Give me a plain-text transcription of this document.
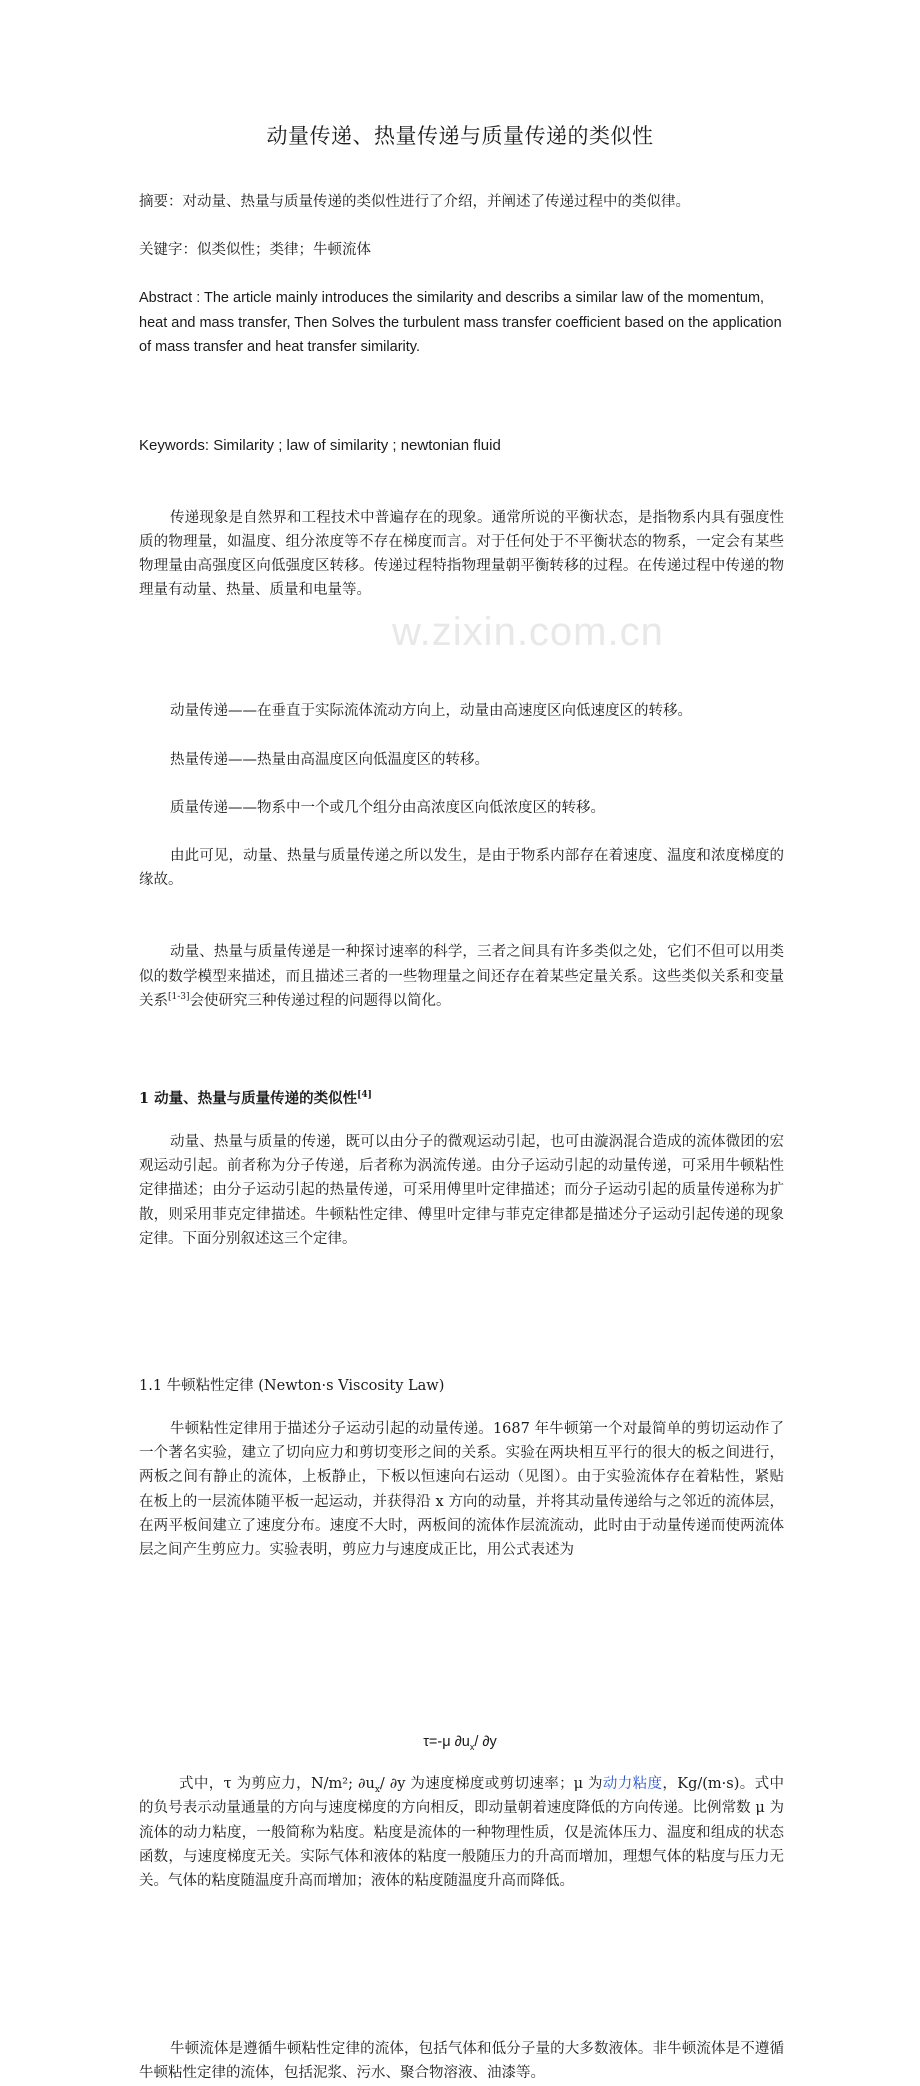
w.zixin.com.cn
动量传递、热量传递与质量传递的类似性
摘要：对动量、热量与质量传递的类似性进行了介绍，并阐述了传递过程中的类似律。
关键字：似类似性；类律；牛顿流体
Abstract : The article mainly introduces the similarity and describs a similar law of the momentum, heat and mass transfer, Then Solves the turbulent mass transfer coefficient based on the application of mass transfer and heat transfer similarity.
Keywords: Similarity ; law of similarity ; newtonian fluid
传递现象是自然界和工程技术中普遍存在的现象。通常所说的平衡状态，是指物系内具有强度性质的物理量，如温度、组分浓度等不存在梯度而言。对于任何处于不平衡状态的物系，一定会有某些物理量由高强度区向低强度区转移。传递过程特指物理量朝平衡转移的过程。在传递过程中传递的物理量有动量、热量、质量和电量等。
动量传递——在垂直于实际流体流动方向上，动量由高速度区向低速度区的转移。
热量传递——热量由高温度区向低温度区的转移。
质量传递——物系中一个或几个组分由高浓度区向低浓度区的转移。
由此可见，动量、热量与质量传递之所以发生，是由于物系内部存在着速度、温度和浓度梯度的缘故。
动量、热量与质量传递是一种探讨速率的科学，三者之间具有许多类似之处，它们不但可以用类似的数学模型来描述，而且描述三者的一些物理量之间还存在着某些定量关系。这些类似关系和变量关系[1-3]会使研究三种传递过程的问题得以简化。
1 动量、热量与质量传递的类似性[4]
动量、热量与质量的传递，既可以由分子的微观运动引起，也可由漩涡混合造成的流体微团的宏观运动引起。前者称为分子传递，后者称为涡流传递。由分子运动引起的动量传递，可采用牛顿粘性定律描述；由分子运动引起的热量传递，可采用傅里叶定律描述；而分子运动引起的质量传递称为扩散，则采用菲克定律描述。牛顿粘性定律、傅里叶定律与菲克定律都是描述分子运动引起传递的现象定律。下面分别叙述这三个定律。
1.1 牛顿粘性定律 (Newton·s Viscosity Law)
牛顿粘性定律用于描述分子运动引起的动量传递。1687 年牛顿第一个对最简单的剪切运动作了一个著名实验，建立了切向应力和剪切变形之间的关系。实验在两块相互平行的很大的板之间进行，两板之间有静止的流体，上板静止，下板以恒速向右运动（见图）。由于实验流体存在着粘性，紧贴在板上的一层流体随平板一起运动，并获得沿 x 方向的动量，并将其动量传递给与之邻近的流体层，在两平板间建立了速度分布。速度不大时，两板间的流体作层流流动，此时由于动量传递而使两流体层之间产生剪应力。实验表明，剪应力与速度成正比，用公式表述为
τ=-μ $\partial u_x/$ ∂y
式中，τ 为剪应力，N/m²; $\partial u_x/$ ∂y 为速度梯度或剪切速率；μ 为动力粘度，Kg/(m·s)。式中的负号表示动量通量的方向与速度梯度的方向相反，即动量朝着速度降低的方向传递。比例常数 μ 为流体的动力粘度，一般简称为粘度。粘度是流体的一种物理性质，仅是流体压力、温度和组成的状态函数，与速度梯度无关。实际气体和液体的粘度一般随压力的升高而增加，理想气体的粘度与压力无关。气体的粘度随温度升高而增加；液体的粘度随温度升高而降低。
牛顿流体是遵循牛顿粘性定律的流体，包括气体和低分子量的大多数液体。非牛顿流体是不遵循牛顿粘性定律的流体，包括泥浆、污水、聚合物溶液、油漆等。
